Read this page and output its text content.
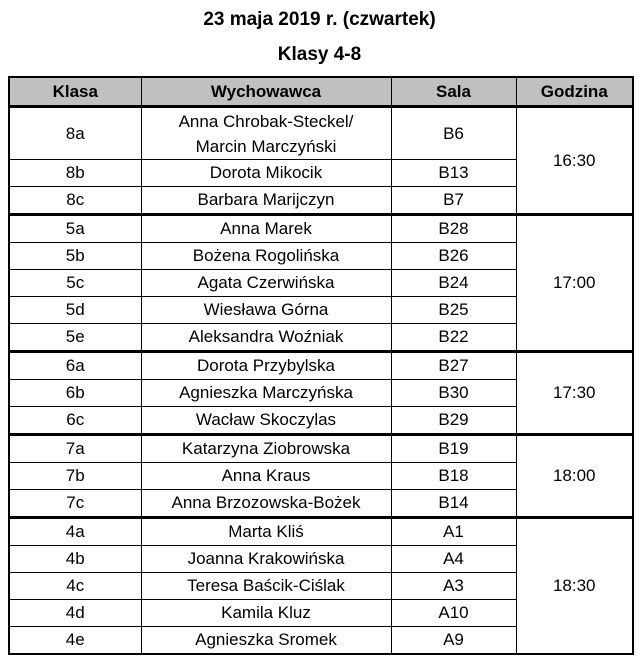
23 maja 2019 r. (czwartek)
Klasy 4-8
Klasa	Wychowawca	Sala	Godzina
8a	Anna Chrobak-Steckel/ Marcin Marczyński	B6	16:30
8b	Dorota Mikocik	B13	
8c	Barbara Marijczyn	B7	
5a	Anna Marek	B28	17:00
5b	Bożena Rogolińska	B26	
5c	Agata Czerwińska	B24	
5d	Wiesława Górna	B25	
5e	Aleksandra Woźniak	B22	
6a	Dorota Przybylska	B27	17:30
6b	Agnieszka Marczyńska	B30	
6c	Wacław Skoczylas	B29	
7a	Katarzyna Ziobrowska	B19	18:00
7b	Anna Kraus	B18	
7c	Anna Brzozowska-Bożek	B14	
4a	Marta Kliś	A1	18:30
4b	Joanna Krakowińska	A4	
4c	Teresa Baścik-Ciślak	A3	
4d	Kamila Kluz	A10	
4e	Agnieszka Sromek	A9	
